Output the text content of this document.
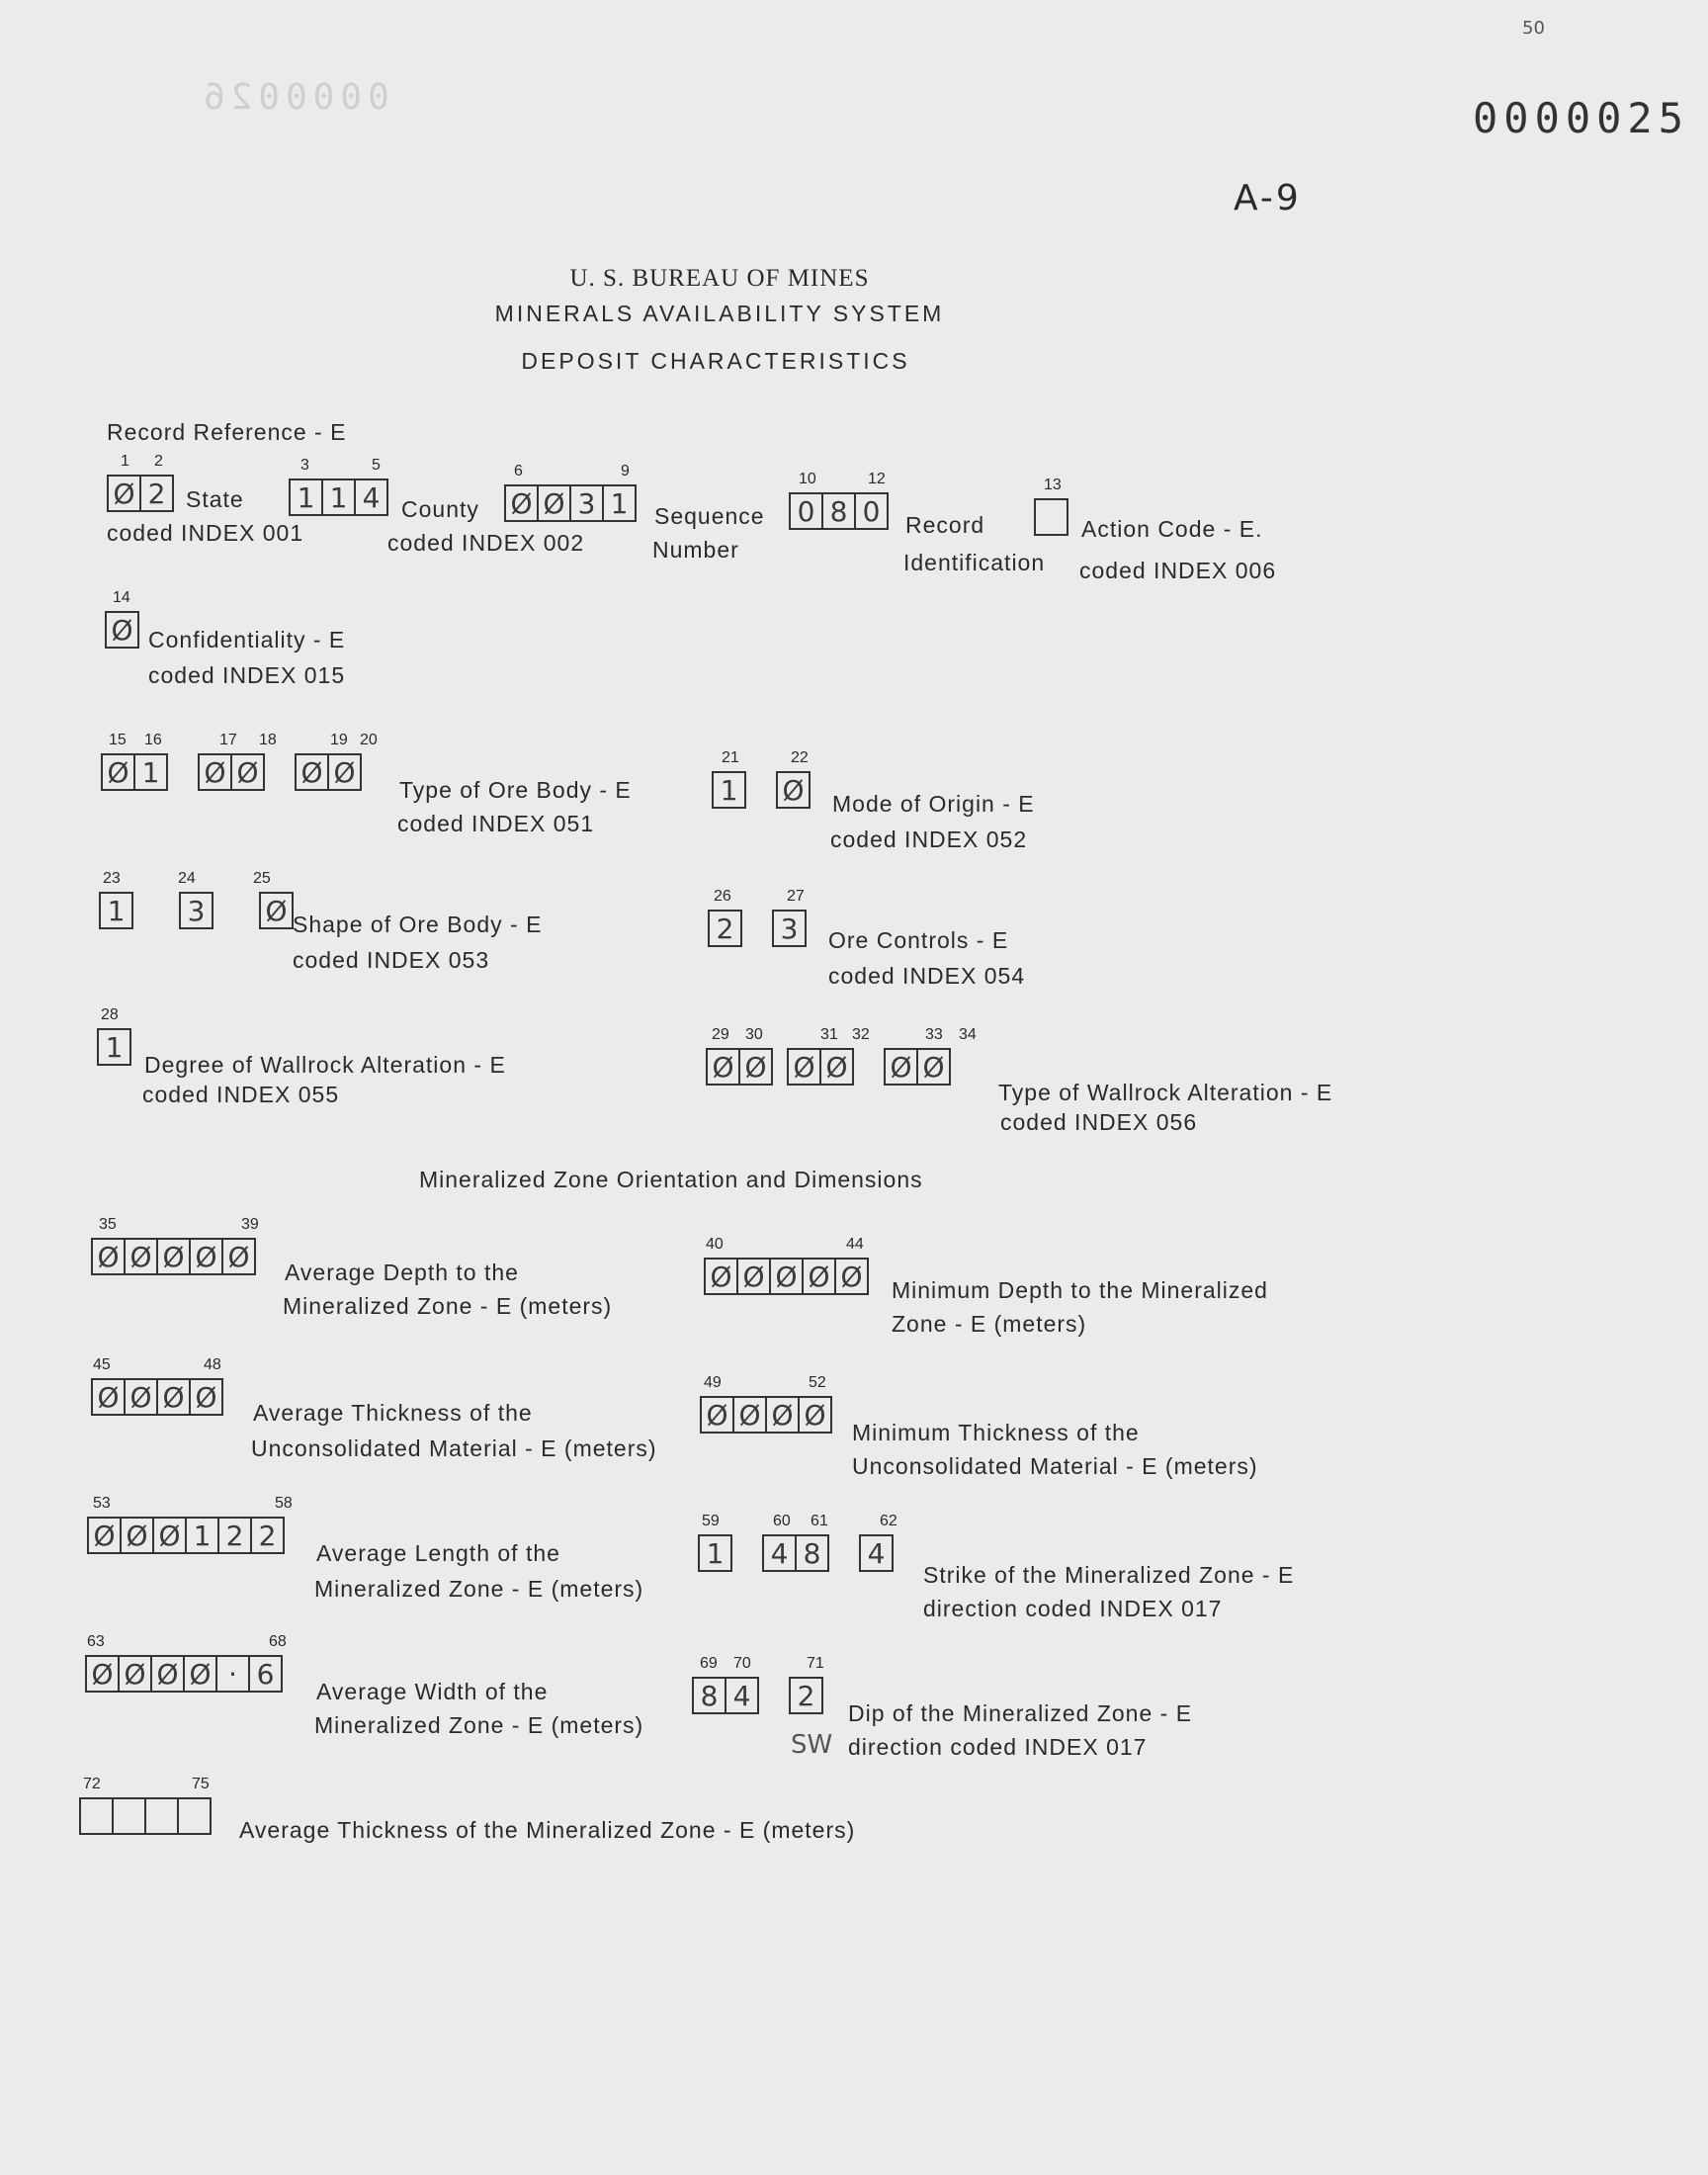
50
0000025
0000026
A-9
U. S. BUREAU OF MINES
MINERALS AVAILABILITY SYSTEM
DEPOSIT CHARACTERISTICS
Record Reference - E
1 2
Ø 2 State
coded INDEX 001
3	5
1 1 4 County
coded INDEX 002
6	9
Ø Ø 3 1	Sequence
Number
10	12
0 8 0	Record
Identification
13
Action Code - E.
coded INDEX 006
14
Ø Confidentiality - E
coded INDEX 015
15 16	17 18	19 20
Ø 1	Ø Ø Ø Ø
Type of Ore Body - E
coded INDEX 051
21	22
1	Ø Mode of Origin - E
coded INDEX 052
23	24	25
1	3	Ø Shape of Ore Body - E
coded INDEX 053
26	27
2	3	Ore Controls - E
coded INDEX 054
28
1
Degree of Wallrock Alteration - E
coded INDEX 055
29 30	31 32	33 34
Ø Ø Ø Ø Ø Ø
Type of Wallrock Alteration - E
coded INDEX 056
Mineralized Zone Orientation and Dimensions
35	39
Ø Ø Ø Ø Ø Average Depth to the
Mineralized Zone - E (meters)
40	44
Ø Ø Ø Ø Ø Minimum Depth to the Mineralized
Zone - E (meters)
45	48
Ø Ø Ø Ø Average Thickness of the
Unconsolidated Material - E (meters)
49	52
Ø Ø Ø Ø
Minimum Thickness of the
Unconsolidated Material - E (meters)
53	58
Ø Ø Ø 1 2 2
Average Length of the
Mineralized Zone - E (meters)
59	60 61	62
1	4 8	4
Strike of the Mineralized Zone - E
direction coded INDEX 017
63	68
Ø Ø Ø Ø · 6
Average Width of the
Mineralized Zone - E (meters)
69 70	71
8 4	2
Dip of the Mineralized Zone - E
SW direction coded INDEX 017
72	75
Average Thickness of the Mineralized Zone - E (meters)
